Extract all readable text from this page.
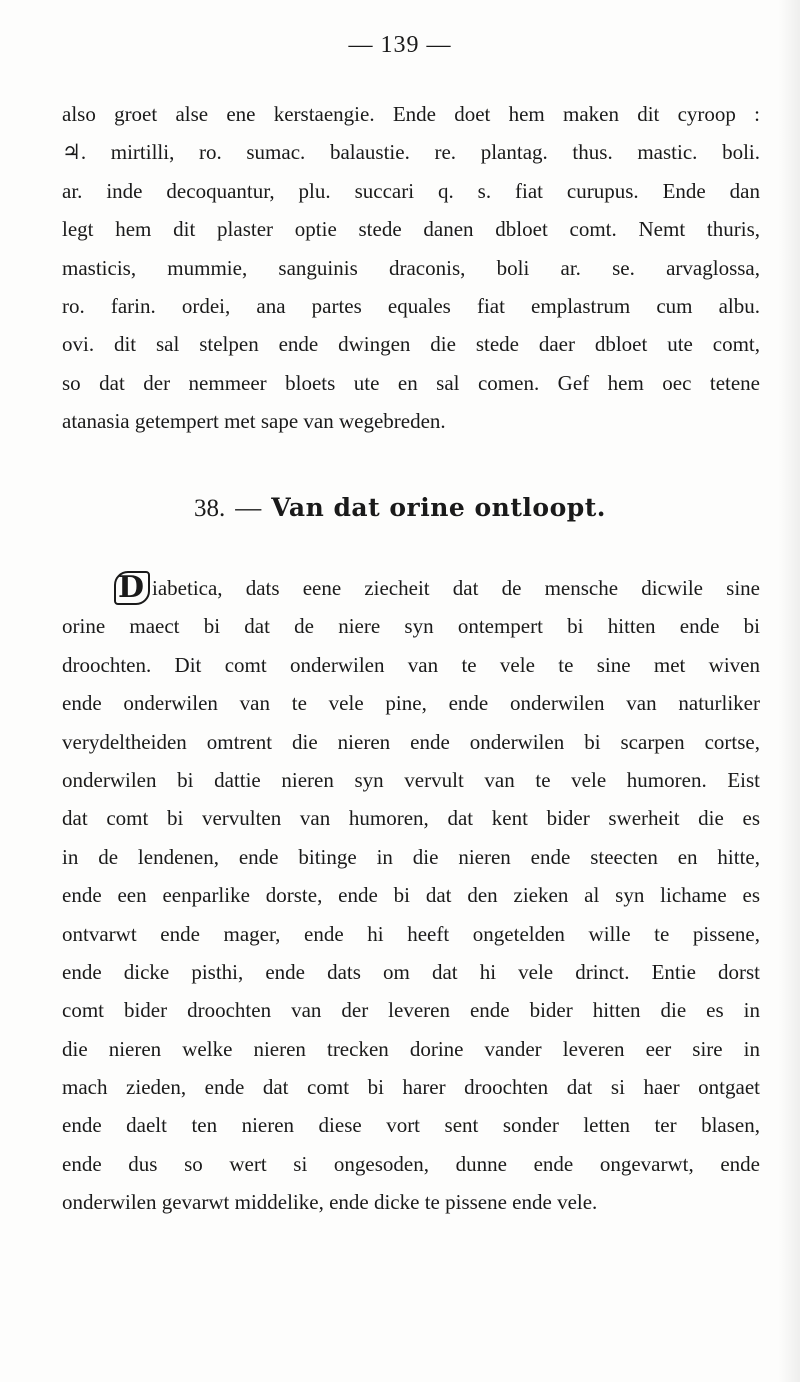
— 139 —
also groet alse ene kerstaengie. Ende doet hem maken dit cyroop :
♃. mirtilli, ro. sumac. balaustie. re. plantag. thus. mastic. boli.
ar. inde decoquantur, plu. succari q. s. fiat curupus. Ende dan
legt hem dit plaster optie stede danen dbloet comt. Nemt thuris,
masticis, mummie, sanguinis draconis, boli ar. se. arvaglossa,
ro. farin. ordei, ana partes equales fiat emplastrum cum albu.
ovi. dit sal stelpen ende dwingen die stede daer dbloet ute comt,
so dat der nemmeer bloets ute en sal comen. Gef hem oec tetene
atanasia getempert met sape van wegebreden.
38. — Van dat orine ontloopt.
D iabetica, dats eene ziecheit dat de mensche dicwile sine
orine maect bi dat de niere syn ontempert bi hitten ende bi
droochten. Dit comt onderwilen van te vele te sine met wiven
ende onderwilen van te vele pine, ende onderwilen van naturliker
verydeltheiden omtrent die nieren ende onderwilen bi scarpen cortse,
onderwilen bi dattie nieren syn vervult van te vele humoren. Eist
dat comt bi vervulten van humoren, dat kent bider swerheit die es
in de lendenen, ende bitinge in die nieren ende steecten en hitte,
ende een eenparlike dorste, ende bi dat den zieken al syn lichame es
ontvarwt ende mager, ende hi heeft ongetelden wille te pissene,
ende dicke pisthi, ende dats om dat hi vele drinct. Entie dorst
comt bider droochten van der leveren ende bider hitten die es in
die nieren welke nieren trecken dorine vander leveren eer sire in
mach zieden, ende dat comt bi harer droochten dat si haer ontgaet
ende daelt ten nieren diese vort sent sonder letten ter blasen,
ende dus so wert si ongesoden, dunne ende ongevarwt, ende
onderwilen gevarwt middelike, ende dicke te pissene ende vele.
